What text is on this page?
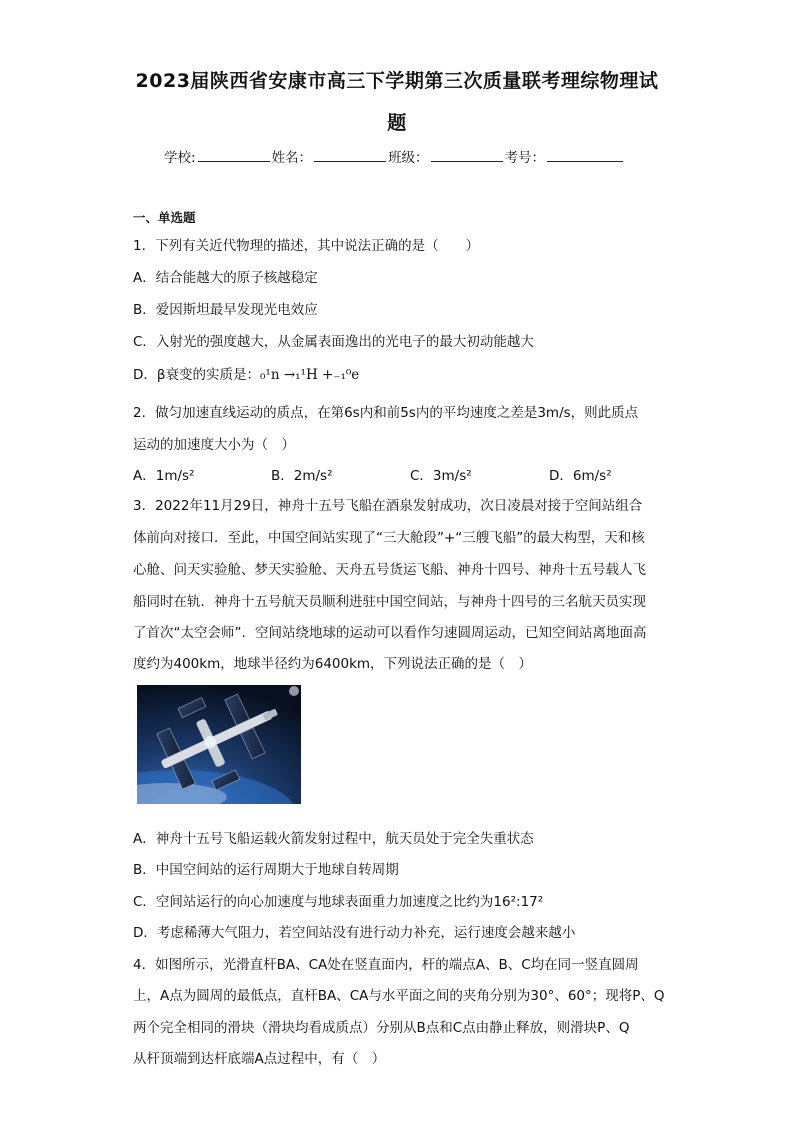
2023届陕西省安康市高三下学期第三次质量联考理综物理试
题
学校:	姓名：	班级：	考号：
一、单选题
1．下列有关近代物理的描述，其中说法正确的是（　　）
A．结合能越大的原子核越稳定
B．爱因斯坦最早发现光电效应
C．入射光的强度越大，从金属表面逸出的光电子的最大初动能越大
D．β衰变的实质是：₀¹n →₁¹H +₋₁⁰e
2．做匀加速直线运动的质点，在第6s内和前5s内的平均速度之差是3m/s，则此质点
运动的加速度大小为（　）
A．1m/s²	B．2m/s²	C．3m/s²	D．6m/s²
3．2022年11月29日，神舟十五号飞船在酒泉发射成功，次日凌晨对接于空间站组合
体前向对接口．至此，中国空间站实现了“三大舱段”+“三艘飞船”的最大构型，天和核
心舱、问天实验舱、梦天实验舱、天舟五号货运飞船、神舟十四号、神舟十五号载人飞
船同时在轨．神舟十五号航天员顺利进驻中国空间站，与神舟十四号的三名航天员实现
了首次“太空会师”．空间站绕地球的运动可以看作匀速圆周运动，已知空间站离地面高
度约为400km，地球半径约为6400km，下列说法正确的是（　）
A．神舟十五号飞船运载火箭发射过程中，航天员处于完全失重状态
B．中国空间站的运行周期大于地球自转周期
C．空间站运行的向心加速度与地球表面重力加速度之比约为16²:17²
D．考虑稀薄大气阻力，若空间站没有进行动力补充，运行速度会越来越小
4．如图所示，光滑直杆BA、CA处在竖直面内，杆的端点A、B、C均在同一竖直圆周
上，A点为圆周的最低点，直杆BA、CA与水平面之间的夹角分别为30°、60°；现将P、Q
两个完全相同的滑块（滑块均看成质点）分别从B点和C点由静止释放，则滑块P、Q
从杆顶端到达杆底端A点过程中，有（　）
